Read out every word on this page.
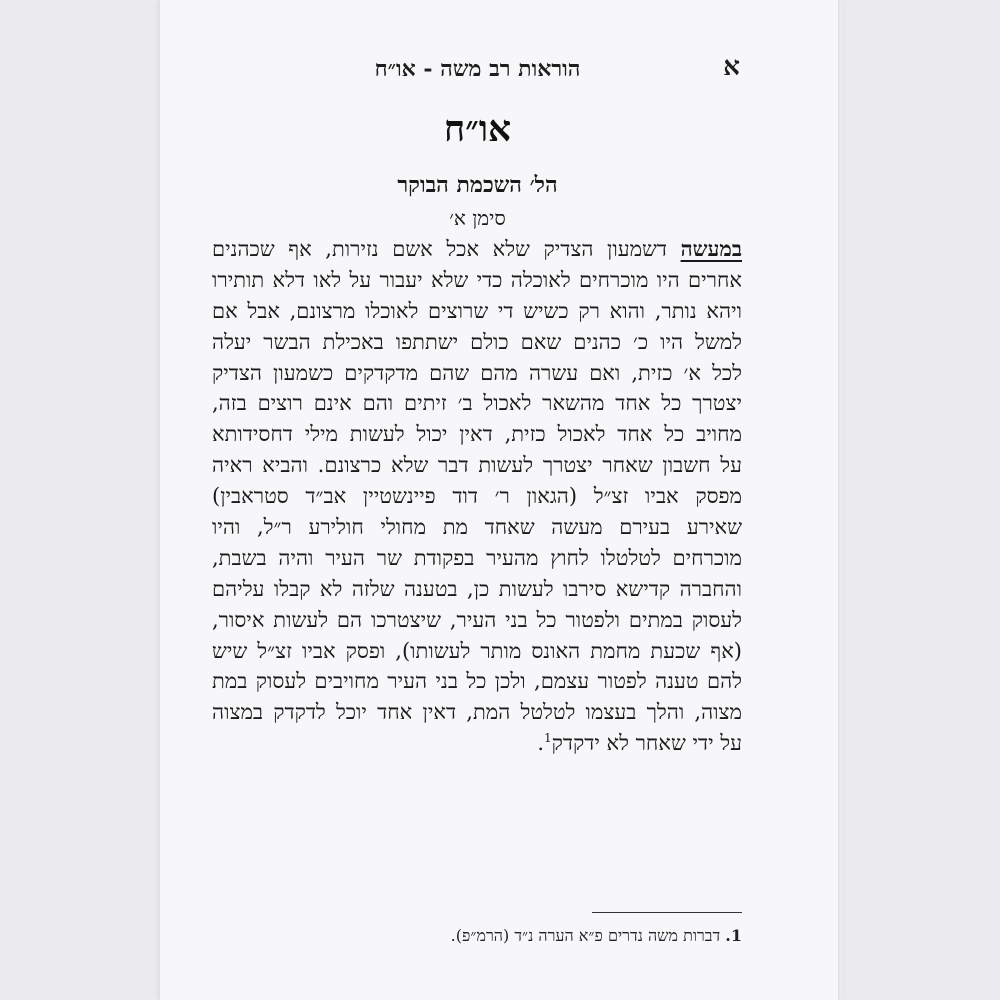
א
הוראות רב משה - או״ח
או״ח
הל׳ השכמת הבוקר
סימן א׳
במעשה דשמעון הצדיק שלא אכל אשם נזירות, אף שכהנים
אחרים היו מוכרחים לאוכלה כדי שלא יעבור על לאו דלא תותירו
ויהא נותר, והוא רק כשיש די שרוצים לאוכלו מרצונם, אבל אם
למשל היו כ׳ כהנים שאם כולם ישתתפו באכילת הבשר יעלה
לכל א׳ כזית, ואם עשרה מהם שהם מדקדקים כשמעון הצדיק
יצטרך כל אחד מהשאר לאכול ב׳ זיתים והם אינם רוצים בזה,
מחויב כל אחד לאכול כזית, דאין יכול לעשות מילי דחסידותא
על חשבון שאחר יצטרך לעשות דבר שלא כרצונם. והביא ראיה
מפסק אביו זצ״ל (הגאון ר׳ דוד פיינשטיין אב״ד סטראבין)
שאירע בעירם מעשה שאחד מת מחולי חולירע ר״ל, והיו
מוכרחים לטלטלו לחוץ מהעיר בפקודת שר העיר והיה בשבת,
והחברה קדישא סירבו לעשות כן, בטענה שלזה לא קבלו עליהם
לעסוק במתים ולפטור כל בני העיר, שיצטרכו הם לעשות איסור,
(אף שכעת מחמת האונס מותר לעשותו), ופסק אביו זצ״ל שיש
להם טענה לפטור עצמם, ולכן כל בני העיר מחויבים לעסוק במת
מצוה, והלך בעצמו לטלטל המת, דאין אחד יוכל לדקדק במצוה
על ידי שאחר לא ידקדק$^1$.
1. דברות משה נדרים פ״א הערה נ״ד (הרמ״פ).
